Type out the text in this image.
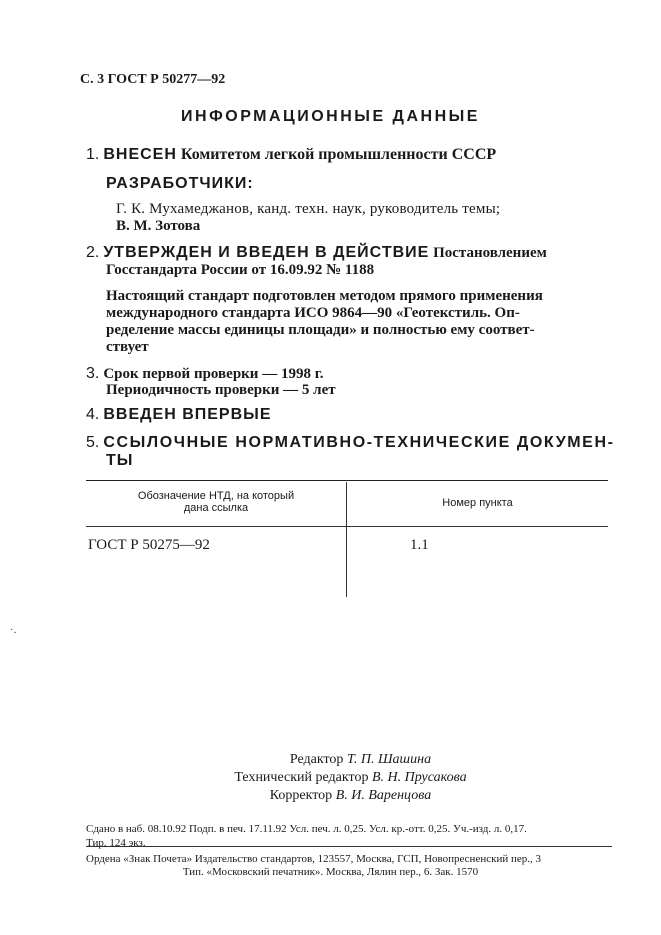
С. 3 ГОСТ Р 50277—92
ИНФОРМАЦИОННЫЕ ДАННЫЕ
1. ВНЕСЕН Комитетом легкой промышленности СССР
РАЗРАБОТЧИКИ:
Г. К. Мухамеджанов, канд. техн. наук, руководитель темы;
В. М. Зотова
2. УТВЕРЖДЕН И ВВЕДЕН В ДЕЙСТВИЕ Постановлением
Госстандарта России от 16.09.92 № 1188
Настоящий стандарт подготовлен методом прямого применения
международного стандарта ИСО 9864—90 «Геотекстиль. Оп-
ределение массы единицы площади» и полностью ему соответ-
ствует
3. Срок первой проверки — 1998 г.
Периодичность проверки — 5 лет
4. ВВЕДЕН ВПЕРВЫЕ
5. ССЫЛОЧНЫЕ НОРМАТИВНО-ТЕХНИЧЕСКИЕ ДОКУМЕН-
ТЫ
Обозначение НТД, на который
дана ссылка	Номер пункта
ГОСТ Р 50275—92	1.1
˙·
Редактор Т. П. Шашина
Технический редактор В. Н. Прусакова
Корректор В. И. Варенцова
Сдано в наб. 08.10.92 Подп. в печ. 17.11.92 Усл. печ. л. 0,25. Усл. кр.-отт. 0,25. Уч.-изд. л. 0,17.
Тир. 124 экз.
Ордена «Знак Почета» Издательство стандартов, 123557, Москва, ГСП, Новопресненский пер., 3
Тип. «Московский печатник». Москва, Лялин пер., 6. Зак. 1570
